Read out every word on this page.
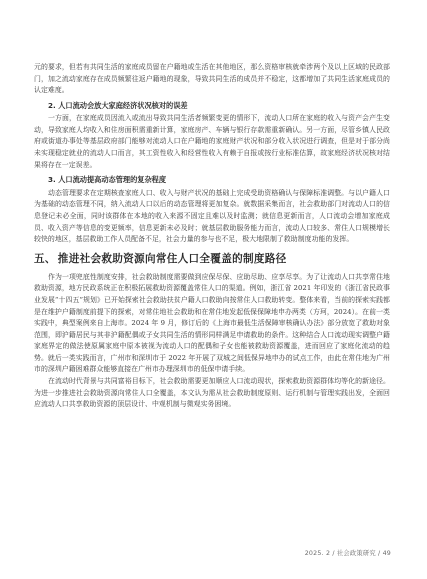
元的要求，但若有共同生活的家庭成员留在户籍地或生活在其他地区，那么资格审核就牵涉两个及以上区域的民政部门，加之流动家庭存在成员频繁往返户籍地的现象，导致共同生活的成员并不稳定，这都增加了共同生活家庭成员的认定难度。

2. 人口流动会放大家庭经济状况核对的误差

一方面，在家庭成员因流入或流出导致共同生活者频繁变更的情形下，流动人口所在家庭的收入与资产会产生变动，导致家庭人均收入和住房面积需重新计算，家庭房产、车辆与银行存款需重新确认。另一方面，尽管乡镇人民政府或街道办事处等基层政府部门能够对流动人口在户籍地的家庭财产状况和部分收入状况进行调查，但是对于部分尚未实现稳定就业的流动人口而言，其工资性收入和经营性收入有赖于自报或按行业标准估算，故家庭经济状况核对结果将存在一定误差。

3. 人口流动提高动态管理的复杂程度

动态管理要求在定期核查家庭人口、收入与财产状况的基础上完成受助资格确认与保障标准调整。与以户籍人口为基础的动态管理不同，纳入流动人口以后的动态管理将更加复杂。就数据采集而言，社会救助部门对流动人口的信息登记未必全面，同时该群体在本地的收入来源不固定且难以及时监测；就信息更新而言，人口流动会增加家庭成员、收入资产等信息的变更频率，信息更新未必及时；就基层救助服务能力而言，流动人口较多、常住人口规模增长较快的地区，基层救助工作人员配备不足，社会力量的参与也不足，极大地限制了救助制度功能的发挥。

五、 推进社会救助资源向常住人口全覆盖的制度路径

作为一项兜底性制度安排，社会救助制度需要做到应保尽保、应助尽助、应享尽享。为了让流动人口共享常住地救助资源，地方民政系统正在积极拓展救助资源覆盖常住人口的渠道。例如，浙江省 2021 年印发的《浙江省民政事业发展“十四五”规划》已开始探索社会救助扶贫户籍人口救助向按常住人口救助转变。整体来看，当前的探索实践都是在维护户籍制度前提下的探索，对常住地社会救助和在常住地发起低保保障地申办两类（方珂，2024）。在前一类实践中，典型案例来自上海市。2024 年 9 月，修订后的《上海市最低生活保障审核确认办法》部分放宽了救助对象范围，即沪籍居民与其非沪籍配偶或子女共同生活的情形同样满足申请救助的条件。这种结合人口流动现实调整户籍家庭界定的做法使原属家庭中原本被视为流动人口的配偶和子女也能被救助资源覆盖，进而回应了家庭化流动的趋势。就后一类实践而言，广州市和深圳市于 2022 年开展了双城之间低保异地申办的试点工作，由此在常住地为广州市的深圳户籍困难群众能够直接在广州市办理深圳市的低保申请手续。

在流动时代背景与共同富裕目标下，社会救助需要更加顺应人口流动现状，探索救助资源群体均等化的新途径。为进一步推进社会救助资源向常住人口全覆盖，本文认为需从社会救助制度原则、运行机制与管理实践出发，全面回应流动人口共享救助资源的顶层设计、中观机制与微观实务困境。

2025. 2 / 社会政策研究 / 49
